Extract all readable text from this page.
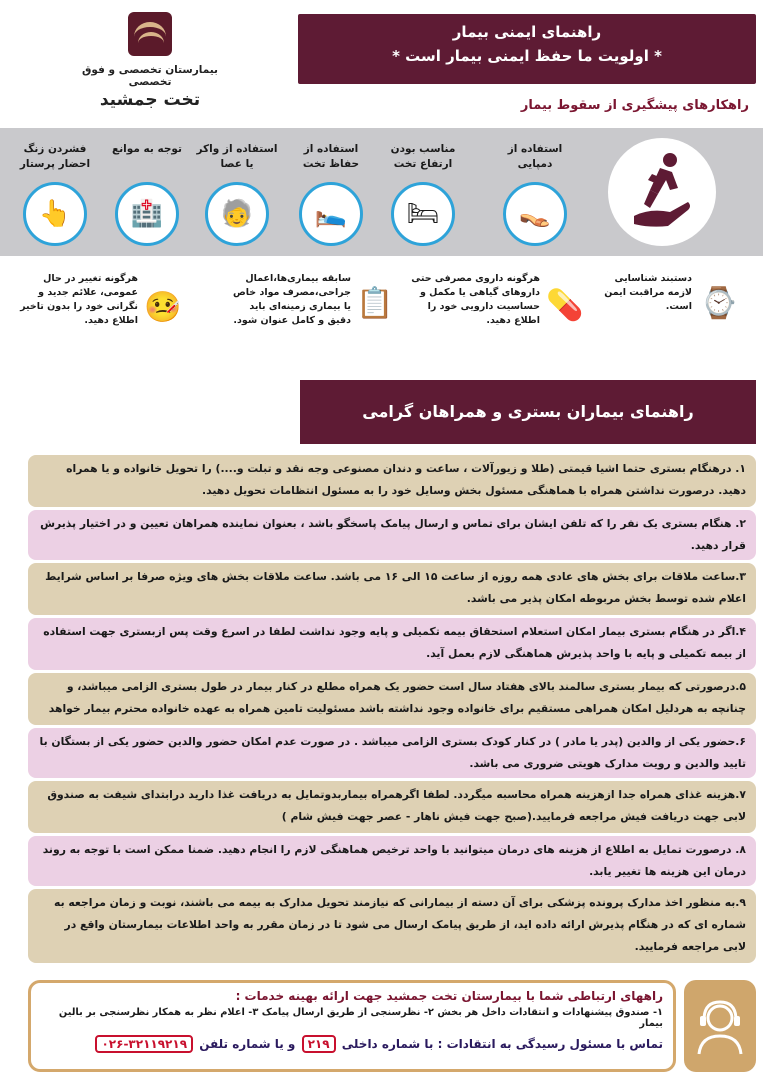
بیمارستان تخصصی و فوق تخصصی
تخت جمشید
راهنمای ایمنی بیمار
* اولویت ما حفظ ایمنی بیمار است *
راهکارهای پیشگیری از سقوط بیمار
استفاده از دمپایی
👡
مناسب بودن ارتفاع تخت
🛏
استفاده از حفاظ تخت
🛌
استفاده از واکر یا عصا
🧓
توجه به موانع
🏥
فشردن زنگ احضار پرستار
👆
⌚
دستبند شناسایی لازمه مراقبت ایمن است.
💊
هرگونه داروی مصرفی حتی داروهای گیاهی یا مکمل و حساسیت دارویی خود را اطلاع دهید.
📋
سابقه بیماری‌ها،اعمال جراحی،مصرف مواد خاص یا بیماری زمینه‌ای باید دقیق و کامل عنوان شود.
🤒
هرگونه تغییر در حال عمومی، علائم جدید و نگرانی خود را بدون تاخیر اطلاع دهید.
راهنمای بیماران بستری و همراهان گرامی
۱. درهنگام بستری حتما اشیا قیمتی (طلا و زیورآلات ، ساعت و دندان مصنوعی وجه نقد و تبلت و....) را تحویل خانواده و یا همراه دهید. درصورت نداشتن همراه با هماهنگی مسئول بخش وسایل خود را به مسئول انتظامات تحویل دهید.
۲. هنگام بستری یک نفر را که تلفن ایشان برای تماس و ارسال پیامک پاسخگو باشد ، بعنوان نماینده همراهان تعیین و در اختیار پذیرش قرار دهید.
۳.ساعت ملاقات برای بخش های عادی همه روزه از ساعت ۱۵ الی ۱۶ می باشد. ساعت ملاقات بخش های ویژه صرفا بر اساس شرایط اعلام شده توسط بخش مربوطه امکان پذیر می باشد.
۴.اگر در هنگام بستری بیمار امکان استعلام استحقاق بیمه تکمیلی و پایه وجود نداشت لطفا در اسرع وقت پس ازبستری جهت استفاده از بیمه تکمیلی و پایه با واحد پذیرش هماهنگی لازم بعمل آید.
۵.درصورتی که بیمار بستری سالمند بالای هفتاد سال است حضور یک همراه مطلع در کنار بیمار در طول بستری الزامی میباشد، و چنانچه به هردلیل امکان همراهی مستقیم برای خانواده وجود نداشته باشد مسئولیت تامین همراه به عهده خانواده محترم بیمار خواهد
۶.حضور یکی از والدین (پدر یا مادر ) در کنار کودک بستری الزامی میباشد . در صورت عدم امکان حضور والدین حضور یکی از بستگان با تایید والدین و رویت مدارک هویتی ضروری می باشد.
۷.هزینه غذای همراه جدا ازهزینه همراه محاسبه میگردد. لطفا اگرهمراه بیماربدوتمایل به دریافت غذا دارید درابتدای شیفت به صندوق لابی جهت دریافت فیش مراجعه فرمایید.(صبح جهت فیش ناهار - عصر جهت فیش شام )
۸. درصورت تمایل به اطلاع از هزینه های درمان میتوانید با واحد ترخیص هماهنگی لازم را انجام دهید. ضمنا ممکن است با توجه به روند درمان این هزینه ها تغییر یابد.
۹.به منظور اخذ مدارک پرونده پزشکی برای آن دسته از بیمارانی که نیازمند تحویل مدارک به بیمه می باشند، نوبت و زمان مراجعه به شماره ای که در هنگام پذیرش ارائه داده اید، از طریق پیامک ارسال می شود تا در زمان مقرر به واحد اطلاعات بیمارستان واقع در لابی مراجعه فرمایید.
راههای ارتباطی شما با بیمارستان تخت جمشید جهت ارائه بهینه خدمات :
۱- صندوق پیشنهادات و انتقادات داخل هر بخش ۲- نظرسنجی از طریق ارسال پیامک ۳- اعلام نظر به همکار نظرسنجی بر بالین بیمار
تماس با مسئول رسیدگی به انتقادات : با شماره داخلی ۲۱۹ و یا شماره تلفن ۰۲۶-۳۲۱۱۹۲۱۹
